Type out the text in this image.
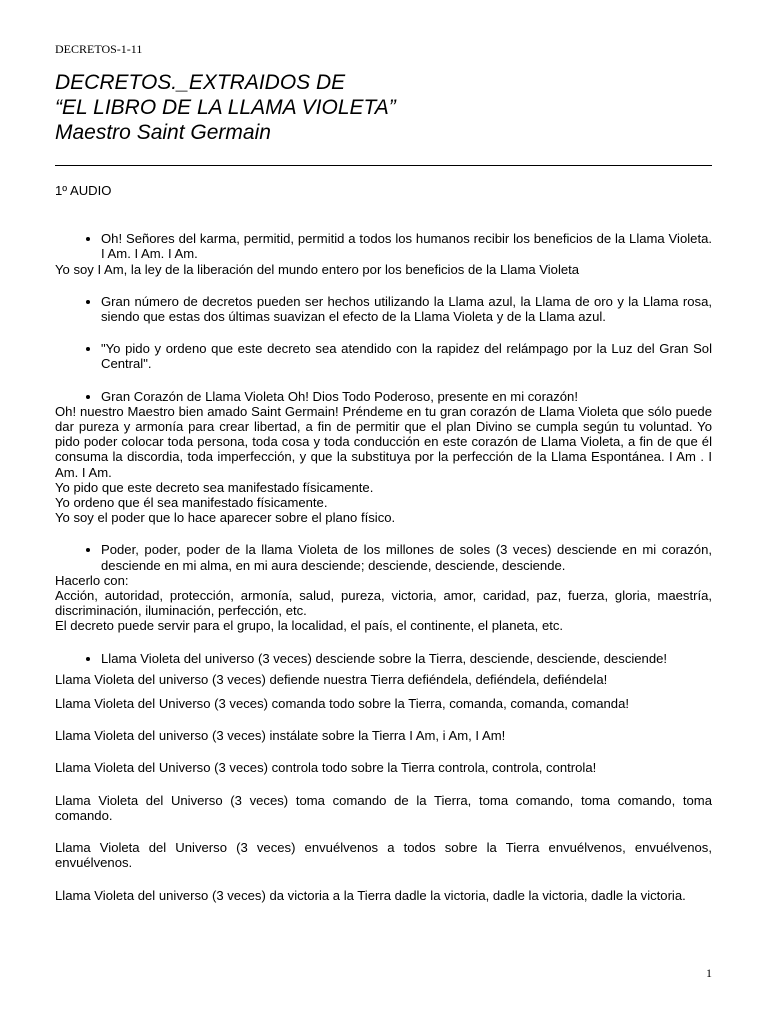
DECRETOS-1-11
DECRETOS._EXTRAIDOS DE
“EL LIBRO DE LA LLAMA VIOLETA”
Maestro Saint Germain
1º AUDIO
• Oh! Señores del karma, permitid, permitid a todos los humanos recibir los beneficios de la Llama Violeta. I Am. I Am. I Am.

Yo soy I Am, la ley de la liberación del mundo entero por los beneficios de la Llama Violeta

• Gran número de decretos pueden ser hechos utilizando la Llama azul, la Llama de oro y la Llama rosa, siendo que estas dos últimas suavizan el efecto de la Llama Violeta y de la Llama azul.
• "Yo pido y ordeno que este decreto sea atendido con la rapidez del relámpago por la Luz del Gran Sol Central".
• Gran Corazón de Llama Violeta Oh! Dios Todo Poderoso, presente en mi corazón!

Oh! nuestro Maestro bien amado Saint Germain! Préndeme en tu gran corazón de Llama Violeta que sólo puede dar pureza y armonía para crear libertad, a fin de permitir que el plan Divino se cumpla según tu voluntad. Yo pido poder colocar toda persona, toda cosa y toda conducción en este corazón de Llama Violeta, a fin de que él consuma la discordia, toda imperfección, y que la substituya por la perfección de la Llama Espontánea. I Am . I Am. I Am.

Yo pido que este decreto sea manifestado físicamente.

Yo ordeno que él sea manifestado físicamente.

Yo soy el poder que lo hace aparecer sobre el plano físico.

• Poder, poder, poder de la llama Violeta de los millones de soles (3 veces) desciende en mi corazón, desciende en mi alma, en mi aura desciende; desciende, desciende, desciende.

Hacerlo con:

Acción, autoridad, protección, armonía, salud, pureza, victoria, amor, caridad, paz, fuerza, gloria, maestría, discriminación, iluminación, perfección, etc.

El decreto puede servir para el grupo, la localidad, el país, el continente, el planeta, etc.

• Llama Violeta del universo (3 veces) desciende sobre la Tierra, desciende, desciende, desciende!

Llama Violeta del universo (3 veces) defiende nuestra Tierra defiéndela, defiéndela, defiéndela!

Llama Violeta del Universo (3 veces) comanda todo sobre la Tierra, comanda, comanda, comanda!

Llama Violeta del universo (3 veces) instálate sobre la Tierra I Am, i Am, I Am!

Llama Violeta del Universo (3 veces) controla todo sobre la Tierra controla, controla, controla!

Llama Violeta del Universo (3 veces) toma comando de la Tierra, toma comando, toma comando, toma comando.

Llama Violeta del Universo (3 veces) envuélvenos a todos sobre la Tierra envuélvenos, envuélvenos, envuélvenos.

Llama Violeta del universo (3 veces) da victoria a la Tierra dadle la victoria, dadle la victoria, dadle la victoria.

1
